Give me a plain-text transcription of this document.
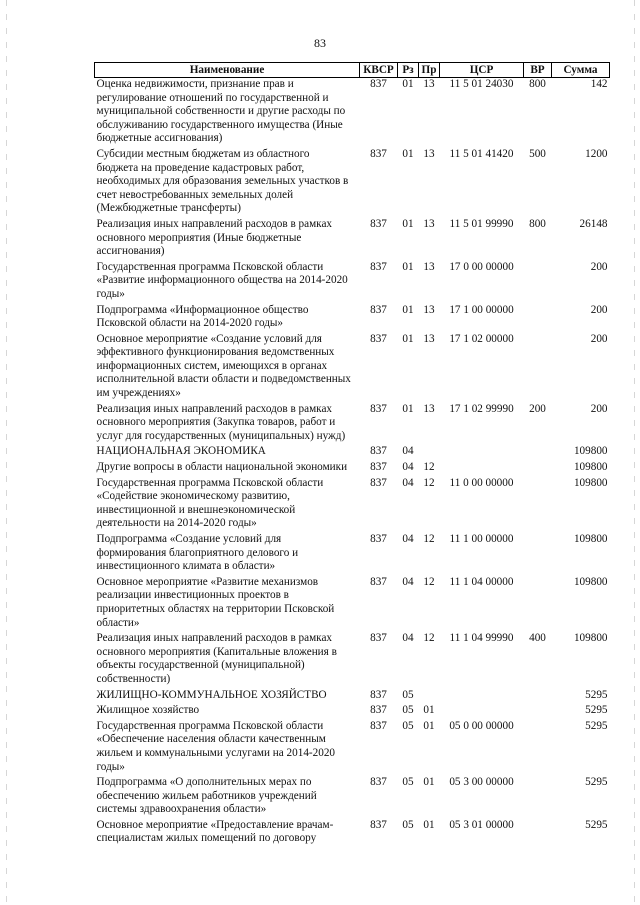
83
Наименование	КВСР	Рз	Пр	ЦСР	ВР	Сумма
Оценка недвижимости, признание прав и регулирование отношений по государственной и муниципальной собственности и другие расходы по обслуживанию государственного имущества (Иные бюджетные ассигнования)	837	01	13	11 5 01 24030	800	142
Субсидии местным бюджетам из областного бюджета на проведение кадастровых работ, необходимых для образования земельных участков в счет невостребованных земельных долей (Межбюджетные трансферты)	837	01	13	11 5 01 41420	500	1200
Реализация иных направлений расходов в рамках основного мероприятия (Иные бюджетные ассигнования)	837	01	13	11 5 01 99990	800	26148
Государственная программа Псковской области «Развитие информационного общества на 2014-2020 годы»	837	01	13	17 0 00 00000		200
Подпрограмма «Информационное общество Псковской области на 2014-2020 годы»	837	01	13	17 1 00 00000		200
Основное мероприятие «Создание условий для эффективного функционирования ведомственных информационных систем, имеющихся в органах исполнительной власти области и подведомственных им учреждениях»	837	01	13	17 1 02 00000		200
Реализация иных направлений расходов в рамках основного мероприятия (Закупка товаров, работ и услуг для государственных (муниципальных) нужд)	837	01	13	17 1 02 99990	200	200
НАЦИОНАЛЬНАЯ ЭКОНОМИКА	837	04				109800
Другие вопросы в области национальной экономики	837	04	12			109800
Государственная программа Псковской области «Содействие экономическому развитию, инвестиционной и внешнеэкономической деятельности на 2014-2020 годы»	837	04	12	11 0 00 00000		109800
Подпрограмма «Создание условий для формирования благоприятного делового и инвестиционного климата в области»	837	04	12	11 1 00 00000		109800
Основное мероприятие «Развитие механизмов реализации инвестиционных проектов в приоритетных областях на территории Псковской области»	837	04	12	11 1 04 00000		109800
Реализация иных направлений расходов в рамках основного мероприятия (Капитальные вложения в объекты государственной (муниципальной) собственности)	837	04	12	11 1 04 99990	400	109800
ЖИЛИЩНО-КОММУНАЛЬНОЕ ХОЗЯЙСТВО	837	05				5295
Жилищное хозяйство	837	05	01			5295
Государственная программа Псковской области «Обеспечение населения области качественным жильем и коммунальными услугами на 2014-2020 годы»	837	05	01	05 0 00 00000		5295
Подпрограмма «О дополнительных мерах по обеспечению жильем работников учреждений системы здравоохранения области»	837	05	01	05 3 00 00000		5295
Основное мероприятие «Предоставление врачам-специалистам жилых помещений по договору	837	05	01	05 3 01 00000		5295
